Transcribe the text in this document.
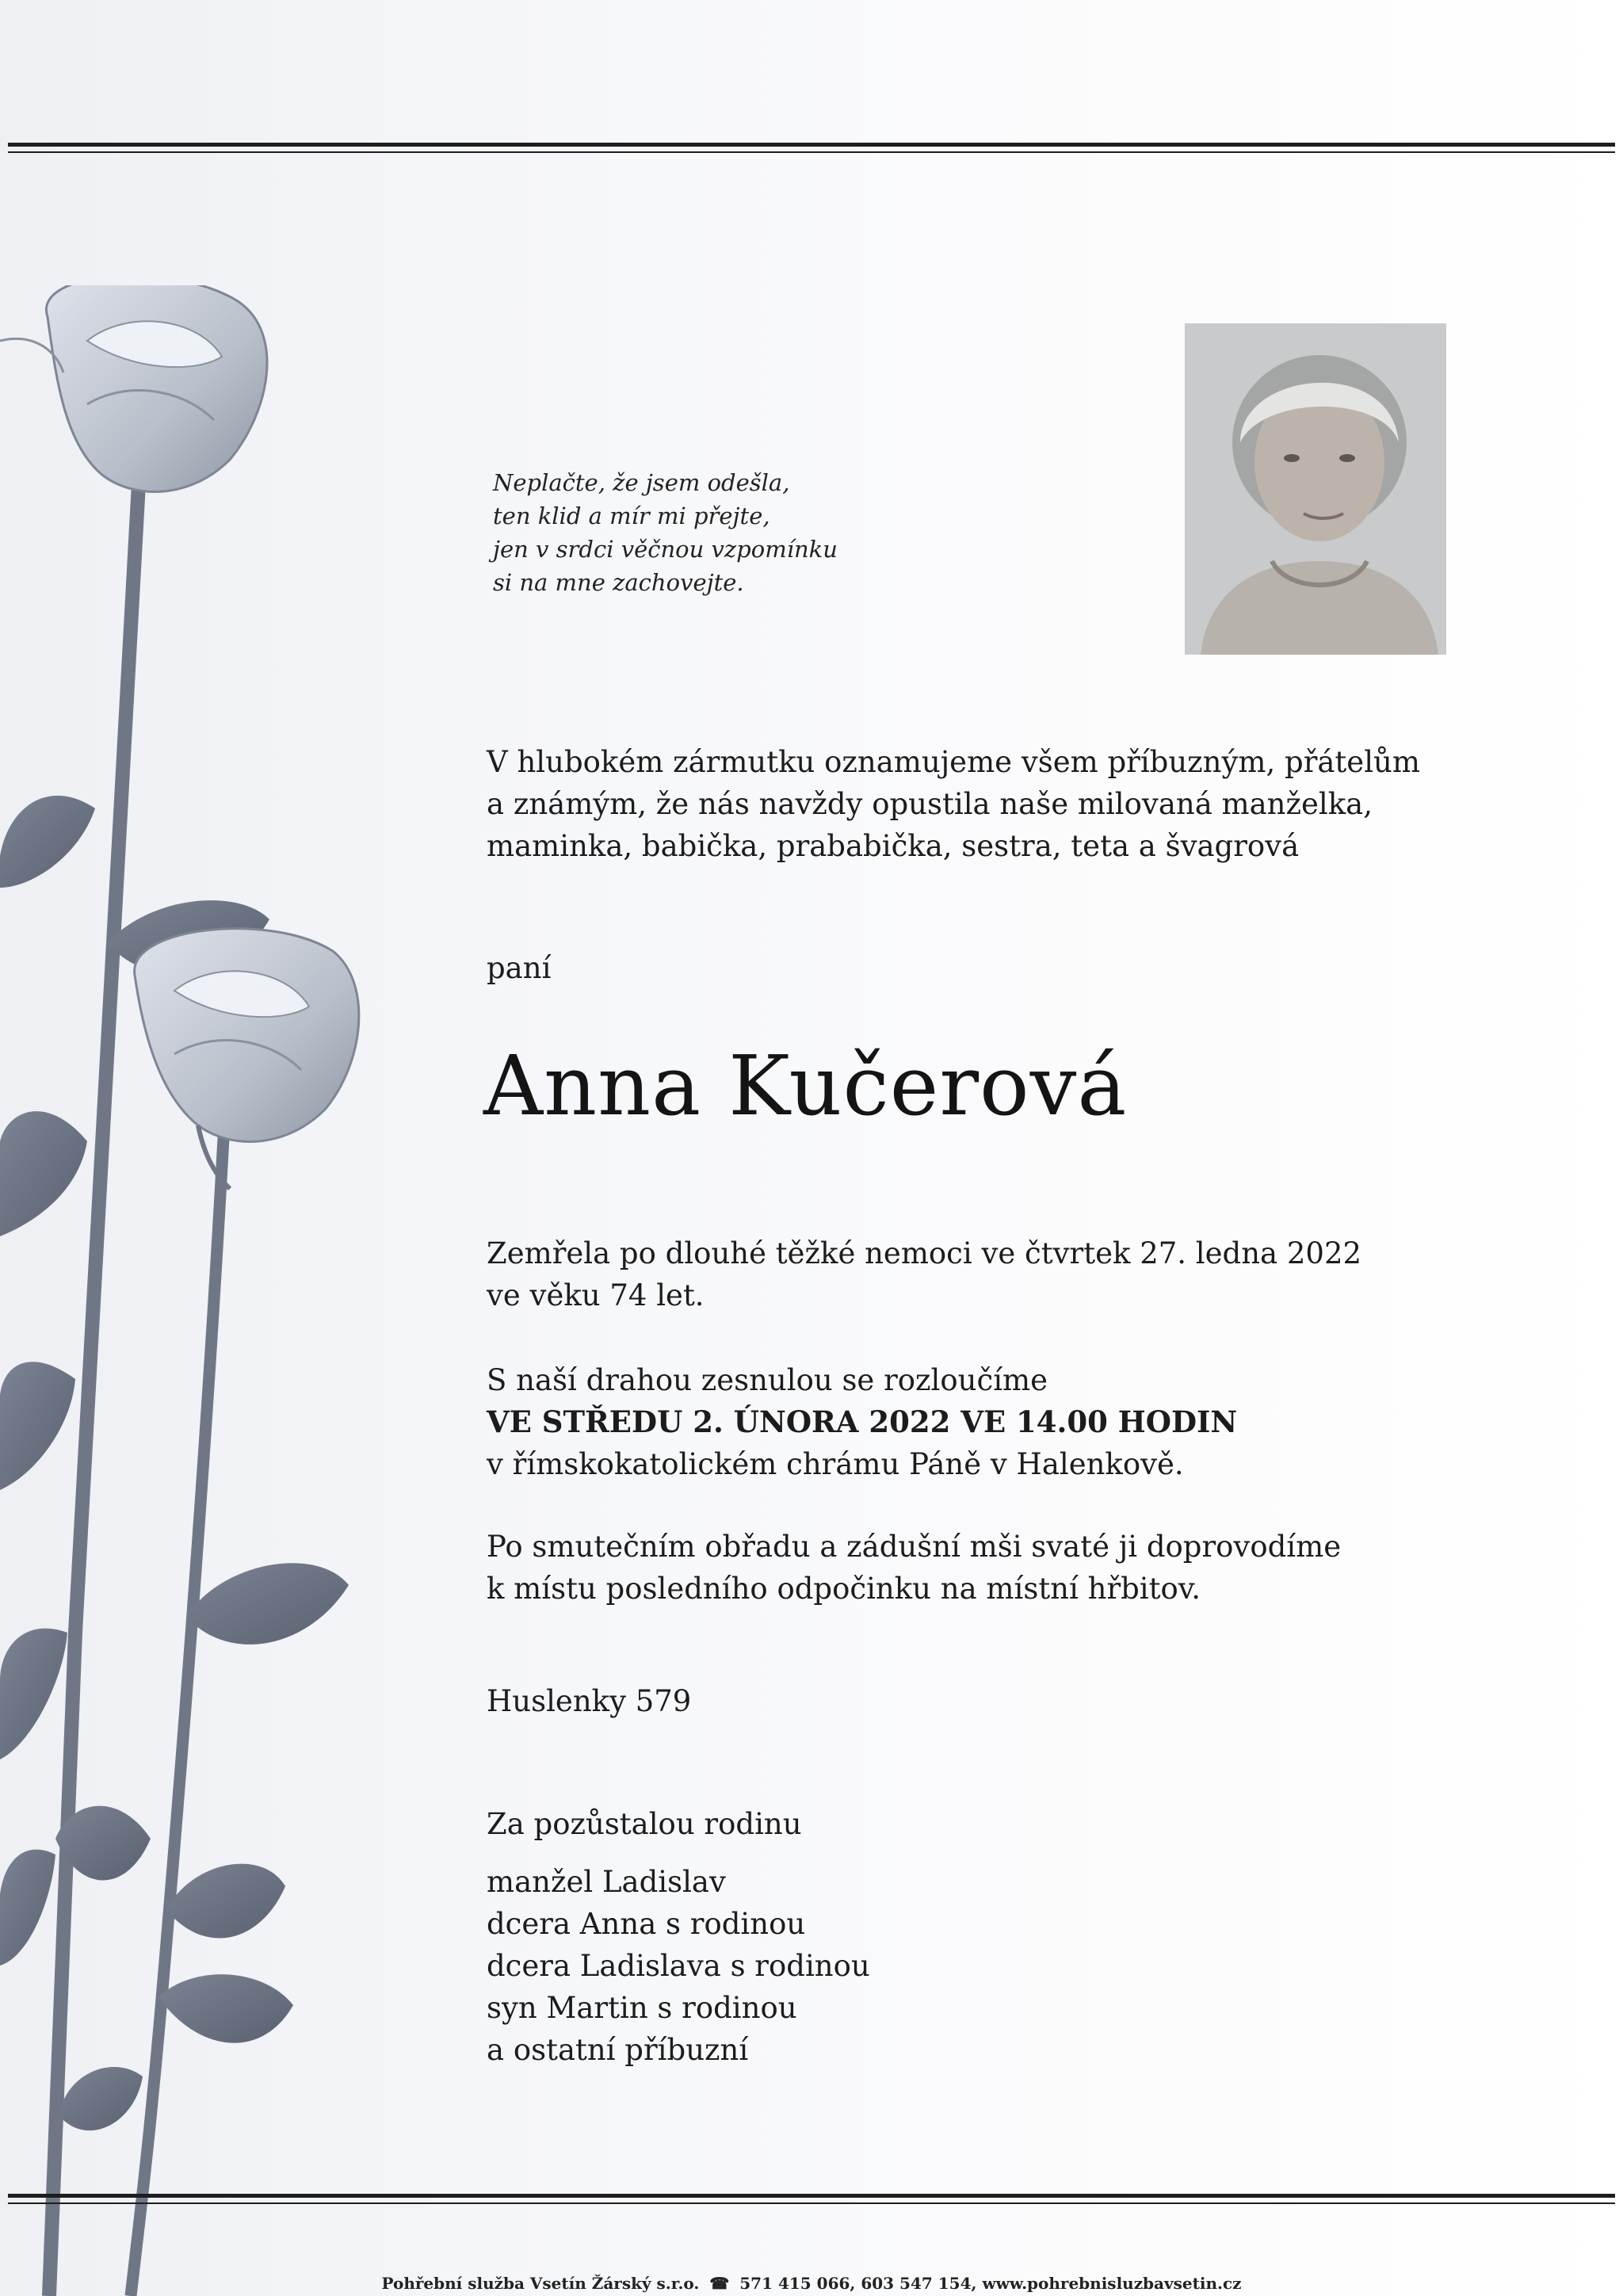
Neplačte, že jsem odešla,
ten klid a mír mi přejte,
jen v srdci věčnou vzpomínku
si na mne zachovejte.
V hlubokém zármutku oznamujeme všem příbuzným, přátelům
a známým, že nás navždy opustila naše milovaná manželka,
maminka, babička, prababička, sestra, teta a švagrová
paní
Anna Kučerová
Zemřela po dlouhé těžké nemoci ve čtvrtek 27. ledna 2022
ve věku 74 let.
S naší drahou zesnulou se rozloučíme
VE STŘEDU 2. ÚNORA 2022 VE 14.00 HODIN
v římskokatolickém chrámu Páně v Halenkově.
Po smutečním obřadu a zádušní mši svaté ji doprovodíme
k místu posledního odpočinku na místní hřbitov.
Huslenky 579
Za pozůstalou rodinu
manžel Ladislav
dcera Anna s rodinou
dcera Ladislava s rodinou
syn Martin s rodinou
a ostatní příbuzní
Pohřební služba Vsetín Žárský s.r.o. ☎ 571 415 066, 603 547 154, www.pohrebnisluzbavsetin.cz
